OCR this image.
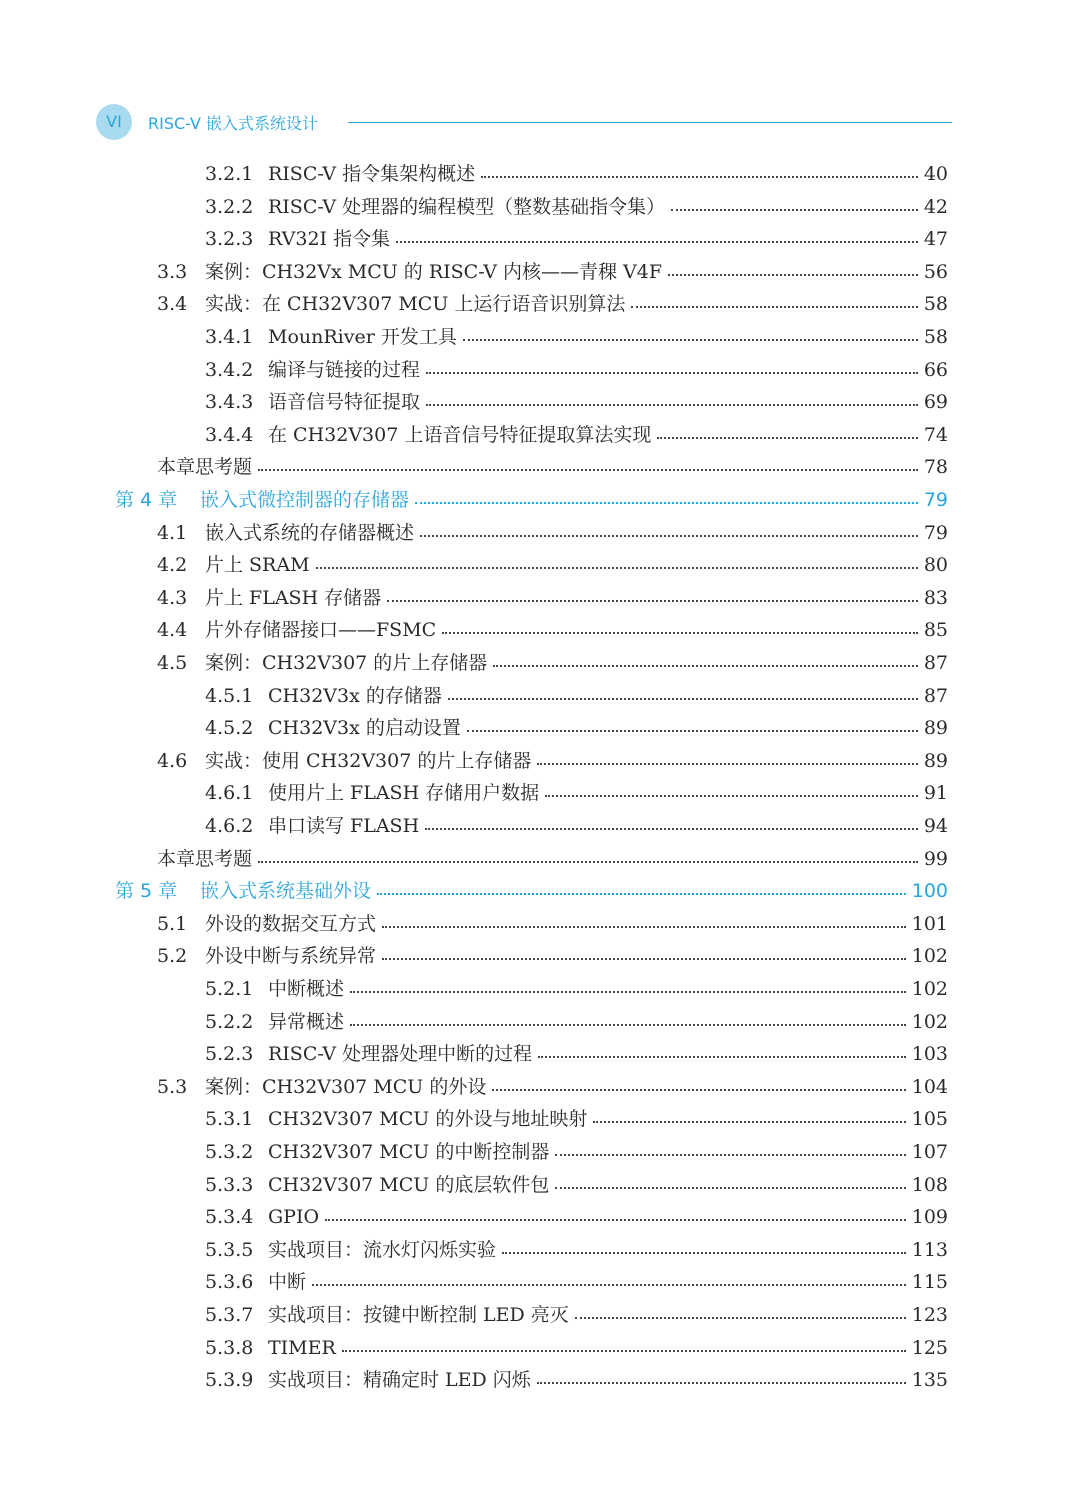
VI	RISC-V 嵌入式系统设计
3.2.1 RISC-V 指令集架构概述	40
3.2.2 RISC-V 处理器的编程模型（整数基础指令集）	42
3.2.3 RV32I 指令集	47
3.3 案例：CH32Vx MCU 的 RISC-V 内核——青稞 V4F	56
3.4 实战：在 CH32V307 MCU 上运行语音识别算法	58
3.4.1 MounRiver 开发工具	58
3.4.2 编译与链接的过程	66
3.4.3 语音信号特征提取	69
3.4.4 在 CH32V307 上语音信号特征提取算法实现	74
本章思考题	78
第 4 章	嵌入式微控制器的存储器	79
4.1 嵌入式系统的存储器概述	79
4.2 片上 SRAM	80
4.3 片上 FLASH 存储器	83
4.4 片外存储器接口——FSMC	85
4.5 案例：CH32V307 的片上存储器	87
4.5.1 CH32V3x 的存储器	87
4.5.2 CH32V3x 的启动设置	89
4.6 实战：使用 CH32V307 的片上存储器	89
4.6.1 使用片上 FLASH 存储用户数据	91
4.6.2 串口读写 FLASH	94
本章思考题	99
第 5 章	嵌入式系统基础外设	100
5.1 外设的数据交互方式	101
5.2 外设中断与系统异常	102
5.2.1 中断概述	102
5.2.2 异常概述	102
5.2.3 RISC-V 处理器处理中断的过程	103
5.3 案例：CH32V307 MCU 的外设	104
5.3.1 CH32V307 MCU 的外设与地址映射	105
5.3.2 CH32V307 MCU 的中断控制器	107
5.3.3 CH32V307 MCU 的底层软件包	108
5.3.4 GPIO	109
5.3.5 实战项目：流水灯闪烁实验	113
5.3.6 中断	115
5.3.7 实战项目：按键中断控制 LED 亮灭	123
5.3.8 TIMER	125
5.3.9 实战项目：精确定时 LED 闪烁	135
